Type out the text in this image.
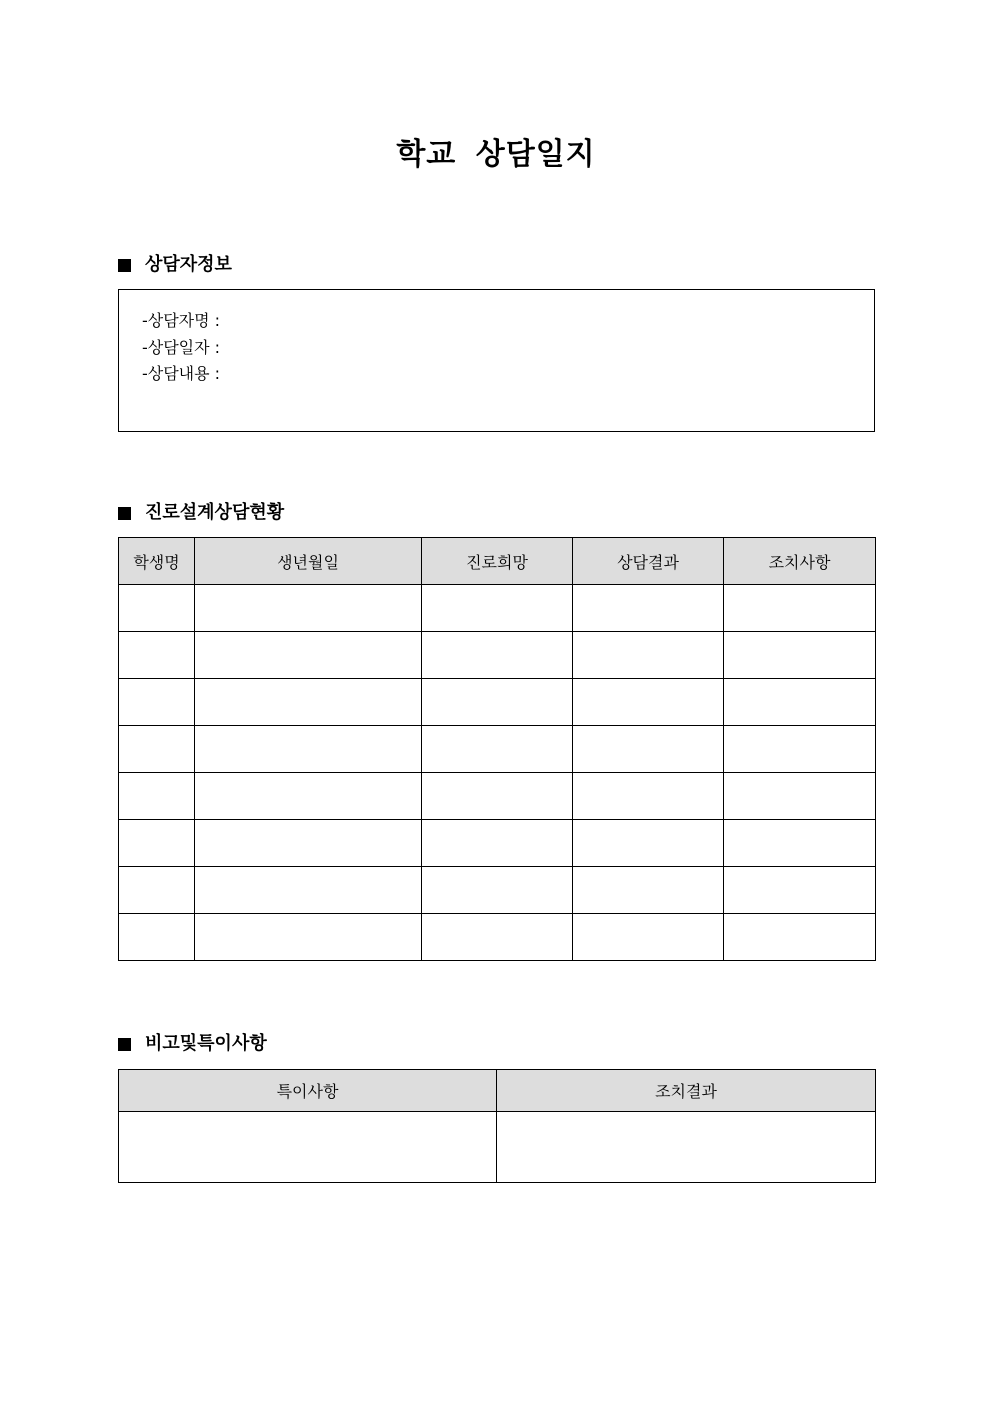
학교 상담일지
상담자정보
-상담자명 :
-상담일자 :
-상담내용 :
진로설계상담현황
학생명	생년월일	진로희망	상담결과	조치사항

비고및특이사항
특이사항	조치결과
